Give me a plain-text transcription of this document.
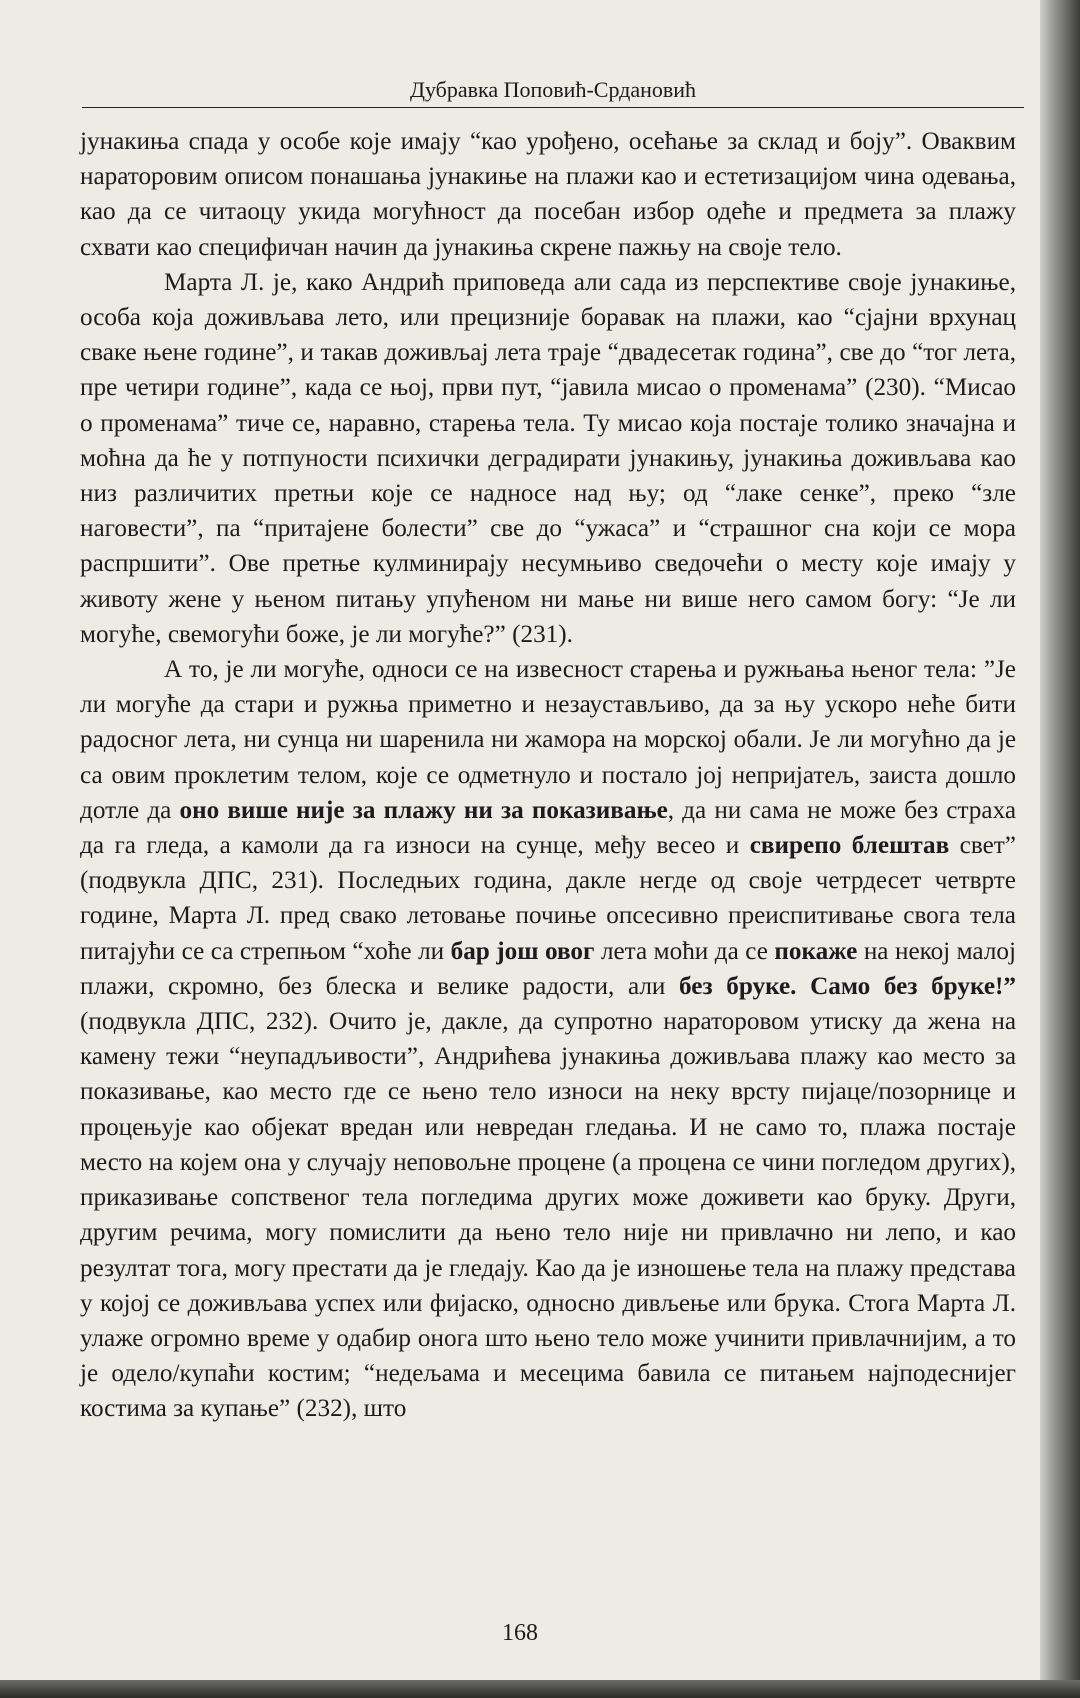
Дубравка Поповић-Срдановић

јунакиња спада у особе које имају “као урођено, осећање за склад и боју”. Оваквим нараторовим описом понашања јунакиње на плажи као и естетизацијом чина одевања, као да се читаоцу укида могућност да посебан избор одеће и предмета за плажу схвати као специфичан начин да јунакиња скрене пажњу на своје тело.

Марта Л. је, како Андрић приповеда али сада из перспективе своје јунакиње, особа која доживљава лето, или прецизније боравак на плажи, као “сјајни врхунац сваке њене године”, и такав доживљај лета траје “двадесетак година”, све до “тог лета, пре четири године”, када се њој, први пут, “јавила мисао о променама” (230). “Мисао о променама” тиче се, наравно, старења тела. Ту мисао која постаје толико значајна и моћна да ће у потпуности психички деградирати јунакињу, јунакиња доживљава као низ различитих претњи које се надносе над њу; од “лаке сенке”, преко “зле нaговести”, па “притајене болести” све до “ужаса” и “страшног сна који се мора распршити”. Ове претње кулминирају несумњиво сведочећи о месту које имају у животу жене у њеном питању упућеном ни мање ни више него самом богу: “Је ли могуће, свемогући боже, је ли могуће?” (231).

А то, је ли могуће, односи се на извесност старења и ружњања њеног тела: ”Је ли могуће да стари и ружња приметно и незаустављиво, да за њу ускоро неће бити радосног лета, ни сунца ни шаренила ни жамора на морској обали. Је ли могућно да је са овим проклетим телом, које се одметнуло и постало јој непријатељ, заиста дошло дотле да оно више није за плажу ни за показивање, да ни сама не може без страха да га гледа, а камоли да га износи на сунце, међу весео и свирепо блештав свет” (подвукла ДПС, 231). Последњих година, дакле негде од своје четрдесет четврте године, Марта Л. пред свако летовање почиње опсесивно преиспитивање свога тела питајући се са стрепњом “хоће ли бар још овог лета моћи да се покаже на некој малој плажи, скромно, без блеска и велике радости, али без бруке. Само без бруке!” (подвукла ДПС, 232). Очито је, дакле, да супротно нараторовом утиску да жена на камену тежи “неупадљивости”, Андрићева јунакиња доживљава плажу као место за показивање, као место где се њено тело износи на неку врсту пијаце/позорнице и процењује као објекат вредан или невредан гледања. И не само то, плажа постаје место на којем она у случају неповољне процене (а процена се чини погледом других), приказивање сопственог тела погледима других може доживети као бруку. Други, другим речима, могу помислити да њено тело није ни привлачно ни лепо, и као резултат тога, могу престати да је гледају. Као да је изношење тела на плажу представа у којој се доживљава успех или фијаско, односно дивљење или брука. Стога Марта Л. улаже огромно време у одабир онога што њено тело може учинити привлачнијим, а то је одело/купаћи костим; “недељама и месецима бавила се питањем најподеснијег костима за купање” (232), што

168
